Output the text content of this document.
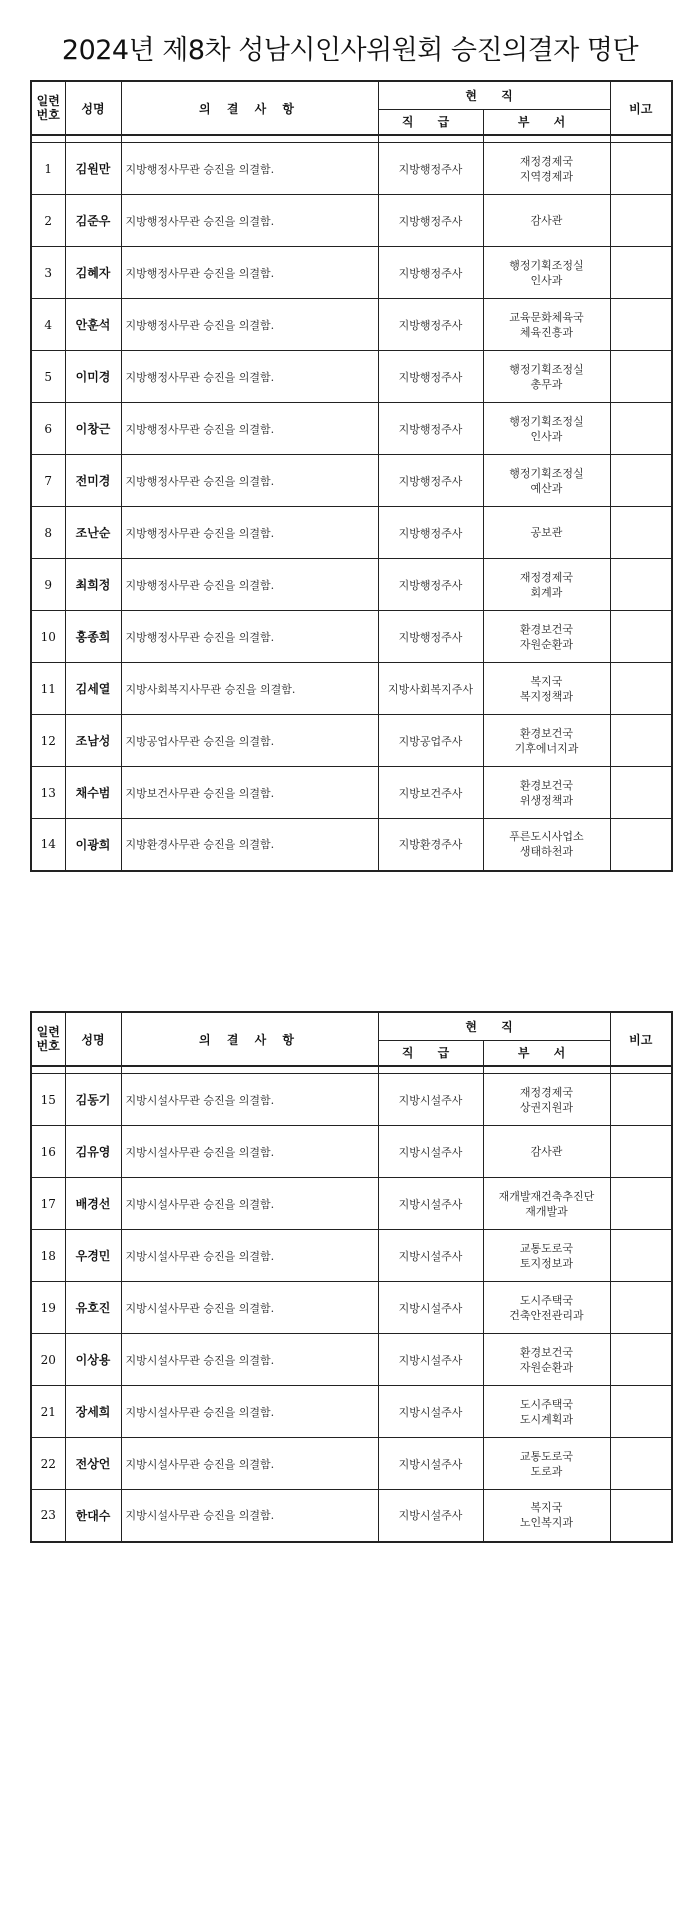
2024년 제8차 성남시인사위원회 승진의결자 명단
일련
번호	성명	의 결 사 항	현 직		비고
			직 급	부 서	

1	김원만	지방행정사무관 승진을 의결함.	지방행정주사	재정경제국
지역경제과	

2	김준우	지방행정사무관 승진을 의결함.	지방행정주사	감사관	

3	김혜자	지방행정사무관 승진을 의결함.	지방행정주사	행정기획조정실
인사과	

4	안훈석	지방행정사무관 승진을 의결함.	지방행정주사	교육문화체육국
체육진흥과	

5	이미경	지방행정사무관 승진을 의결함.	지방행정주사	행정기획조정실
총무과	

6	이창근	지방행정사무관 승진을 의결함.	지방행정주사	행정기획조정실
인사과	

7	전미경	지방행정사무관 승진을 의결함.	지방행정주사	행정기획조정실
예산과	

8	조난순	지방행정사무관 승진을 의결함.	지방행정주사	공보관	

9	최희정	지방행정사무관 승진을 의결함.	지방행정주사	재정경제국
회계과	

10	홍종희	지방행정사무관 승진을 의결함.	지방행정주사	환경보건국
자원순환과	

11	김세열	지방사회복지사무관 승진을 의결함.	지방사회복지주사	복지국
복지정책과	

12	조남성	지방공업사무관 승진을 의결함.	지방공업주사	환경보건국
기후에너지과	

13	채수범	지방보건사무관 승진을 의결함.	지방보건주사	환경보건국
위생정책과	

14	이광희	지방환경사무관 승진을 의결함.	지방환경주사	푸른도시사업소
생태하천과	

일련
번호	성명	의 결 사 항	현 직		비고
			직 급	부 서	

15	김동기	지방시설사무관 승진을 의결함.	지방시설주사	재정경제국
상권지원과	

16	김유영	지방시설사무관 승진을 의결함.	지방시설주사	감사관	

17	배경선	지방시설사무관 승진을 의결함.	지방시설주사	재개발재건축추진단
재개발과	

18	우경민	지방시설사무관 승진을 의결함.	지방시설주사	교통도로국
토지정보과	

19	유호진	지방시설사무관 승진을 의결함.	지방시설주사	도시주택국
건축안전관리과	

20	이상용	지방시설사무관 승진을 의결함.	지방시설주사	환경보건국
자원순환과	

21	장세희	지방시설사무관 승진을 의결함.	지방시설주사	도시주택국
도시계획과	

22	전상언	지방시설사무관 승진을 의결함.	지방시설주사	교통도로국
도로과	

23	한대수	지방시설사무관 승진을 의결함.	지방시설주사	복지국
노인복지과	
